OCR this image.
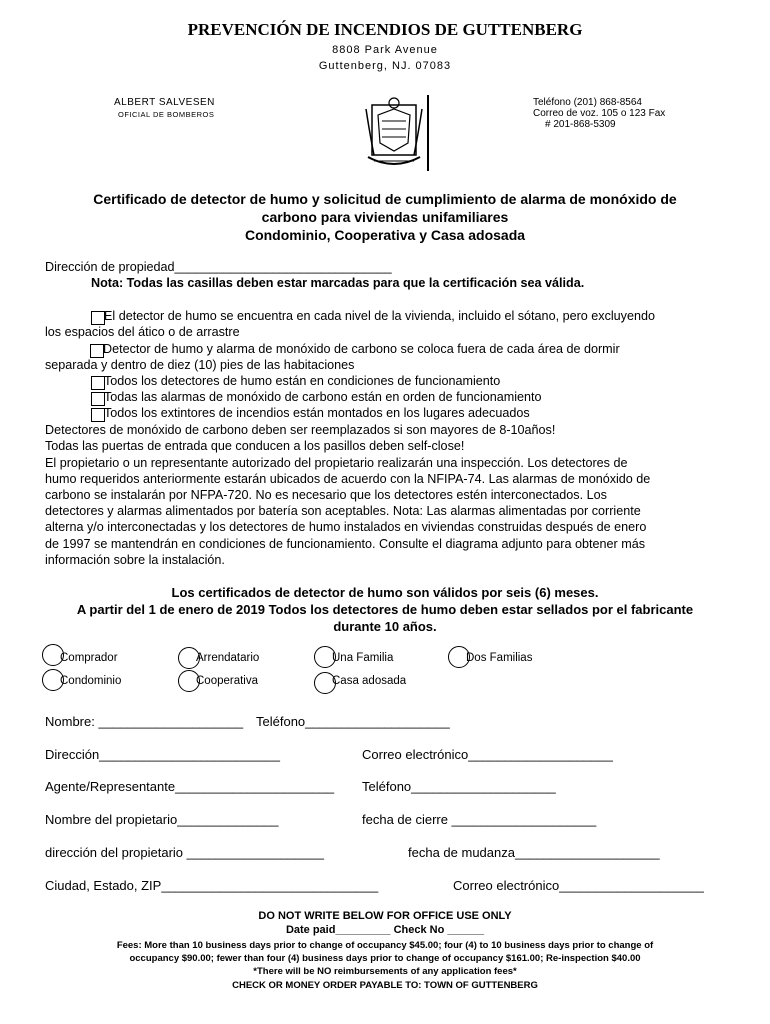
PREVENCIÓN DE INCENDIOS DE GUTTENBERG
8808 Park Avenue
Guttenberg, NJ. 07083
ALBERT SALVESEN
OFICIAL DE BOMBEROS
Teléfono (201) 868-8564
Correo de voz. 105 o 123 Fax
# 201-868-5309
Certificado de detector de humo y solicitud de cumplimiento de alarma de monóxido de
carbono para viviendas unifamiliares
Condominio, Cooperativa y Casa adosada
Dirección de propiedad_______________________________
Nota: Todas las casillas deben estar marcadas para que la certificación sea válida.
El detector de humo se encuentra en cada nivel de la vivienda, incluido el sótano, pero excluyendo
los espacios del ático o de arrastre
Detector de humo y alarma de monóxido de carbono se coloca fuera de cada área de dormir
separada y dentro de diez (10) pies de las habitaciones
Todos los detectores de humo están en condiciones de funcionamiento
Todas las alarmas de monóxido de carbono están en orden de funcionamiento
Todos los extintores de incendios están montados en los lugares adecuados
Detectores de monóxido de carbono deben ser reemplazados si son mayores de 8-10años!
Todas las puertas de entrada que conducen a los pasillos deben self-close!
El propietario o un representante autorizado del propietario realizarán una inspección. Los detectores de
humo requeridos anteriormente estarán ubicados de acuerdo con la NFIPA-74. Las alarmas de monóxido de
carbono se instalarán por NFPA-720. No es necesario que los detectores estén interconectados. Los
detectores y alarmas alimentados por batería son aceptables. Nota: Las alarmas alimentadas por corriente
alterna y/o interconectadas y los detectores de humo instalados en viviendas construidas después de enero
de 1997 se mantendrán en condiciones de funcionamiento. Consulte el diagrama adjunto para obtener más
información sobre la instalación.
Los certificados de detector de humo son válidos por seis (6) meses.
A partir del 1 de enero de 2019 Todos los detectores de humo deben estar sellados por el fabricante
durante 10 años.
Comprador	Arrendatario	Una Familia	Dos Familias
Condominio	Cooperativa	Casa adosada
Nombre: ____________________ Teléfono____________________
Dirección_________________________	Correo electrónico____________________
Agente/Representante______________________ Teléfono____________________
Nombre del propietario______________	fecha de cierre ____________________
dirección del propietario ___________________	fecha de mudanza____________________
Ciudad, Estado, ZIP______________________________	Correo electrónico____________________
DO NOT WRITE BELOW FOR OFFICE USE ONLY
Date paid_________ Check No ______
Fees: More than 10 business days prior to change of occupancy $45.00; four (4) to 10 business days prior to change of
occupancy $90.00; fewer than four (4) business days prior to change of occupancy $161.00; Re-inspection $40.00
*There will be NO reimbursements of any application fees*
CHECK OR MONEY ORDER PAYABLE TO: TOWN OF GUTTENBERG
